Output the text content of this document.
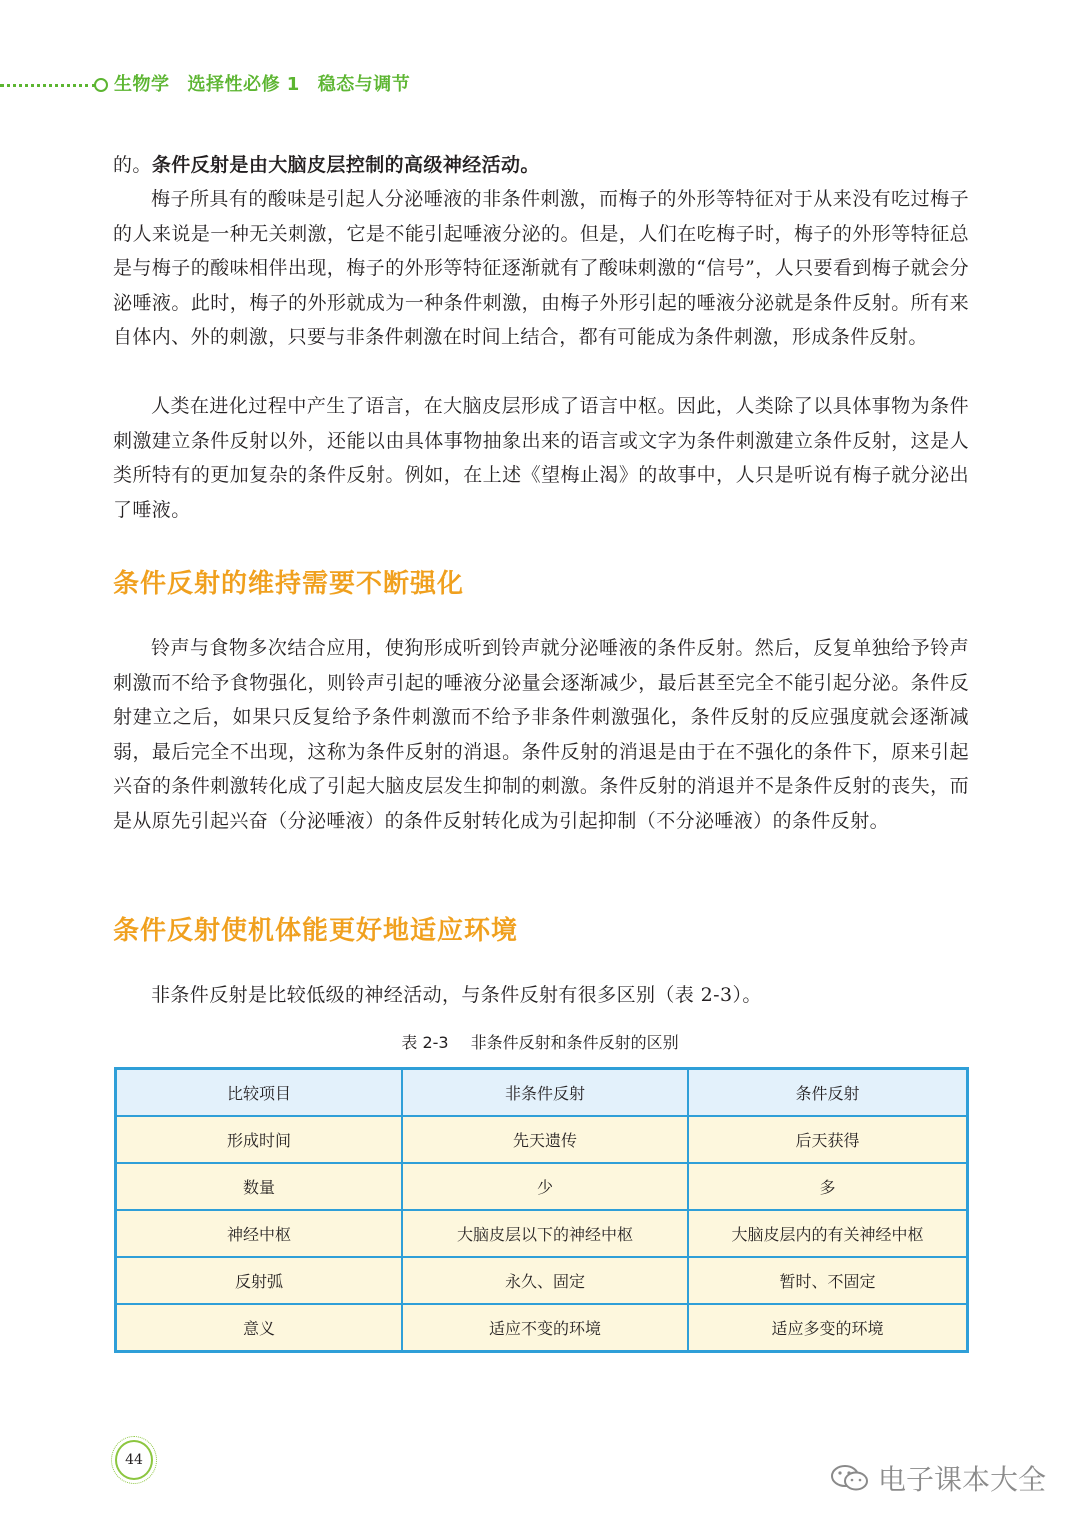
生物学 选择性必修 1 稳态与调节

的。条件反射是由大脑皮层控制的高级神经活动。

梅子所具有的酸味是引起人分泌唾液的非条件刺激，而梅子的外形等特征对于从来没有吃过梅子的人来说是一种无关刺激，它是不能引起唾液分泌的。但是，人们在吃梅子时，梅子的外形等特征总是与梅子的酸味相伴出现，梅子的外形等特征逐渐就有了酸味刺激的“信号”，人只要看到梅子就会分泌唾液。此时，梅子的外形就成为一种条件刺激，由梅子外形引起的唾液分泌就是条件反射。所有来自体内、外的刺激，只要与非条件刺激在时间上结合，都有可能成为条件刺激，形成条件反射。

人类在进化过程中产生了语言，在大脑皮层形成了语言中枢。因此，人类除了以具体事物为条件刺激建立条件反射以外，还能以由具体事物抽象出来的语言或文字为条件刺激建立条件反射，这是人类所特有的更加复杂的条件反射。例如，在上述《望梅止渴》的故事中，人只是听说有梅子就分泌出了唾液。

条件反射的维持需要不断强化

铃声与食物多次结合应用，使狗形成听到铃声就分泌唾液的条件反射。然后，反复单独给予铃声刺激而不给予食物强化，则铃声引起的唾液分泌量会逐渐减少，最后甚至完全不能引起分泌。条件反射建立之后，如果只反复给予条件刺激而不给予非条件刺激强化，条件反射的反应强度就会逐渐减弱，最后完全不出现，这称为条件反射的消退。条件反射的消退是由于在不强化的条件下，原来引起兴奋的条件刺激转化成了引起大脑皮层发生抑制的刺激。条件反射的消退并不是条件反射的丧失，而是从原先引起兴奋（分泌唾液）的条件反射转化成为引起抑制（不分泌唾液）的条件反射。

条件反射使机体能更好地适应环境

非条件反射是比较低级的神经活动，与条件反射有很多区别（表 2-3）。

表 2-3 非条件反射和条件反射的区别
比较项目	非条件反射	条件反射
形成时间	先天遗传	后天获得
数量	少	多
神经中枢	大脑皮层以下的神经中枢	大脑皮层内的有关神经中枢
反射弧	永久、固定	暂时、不固定
意义	适应不变的环境	适应多变的环境
44
电子课本大全
